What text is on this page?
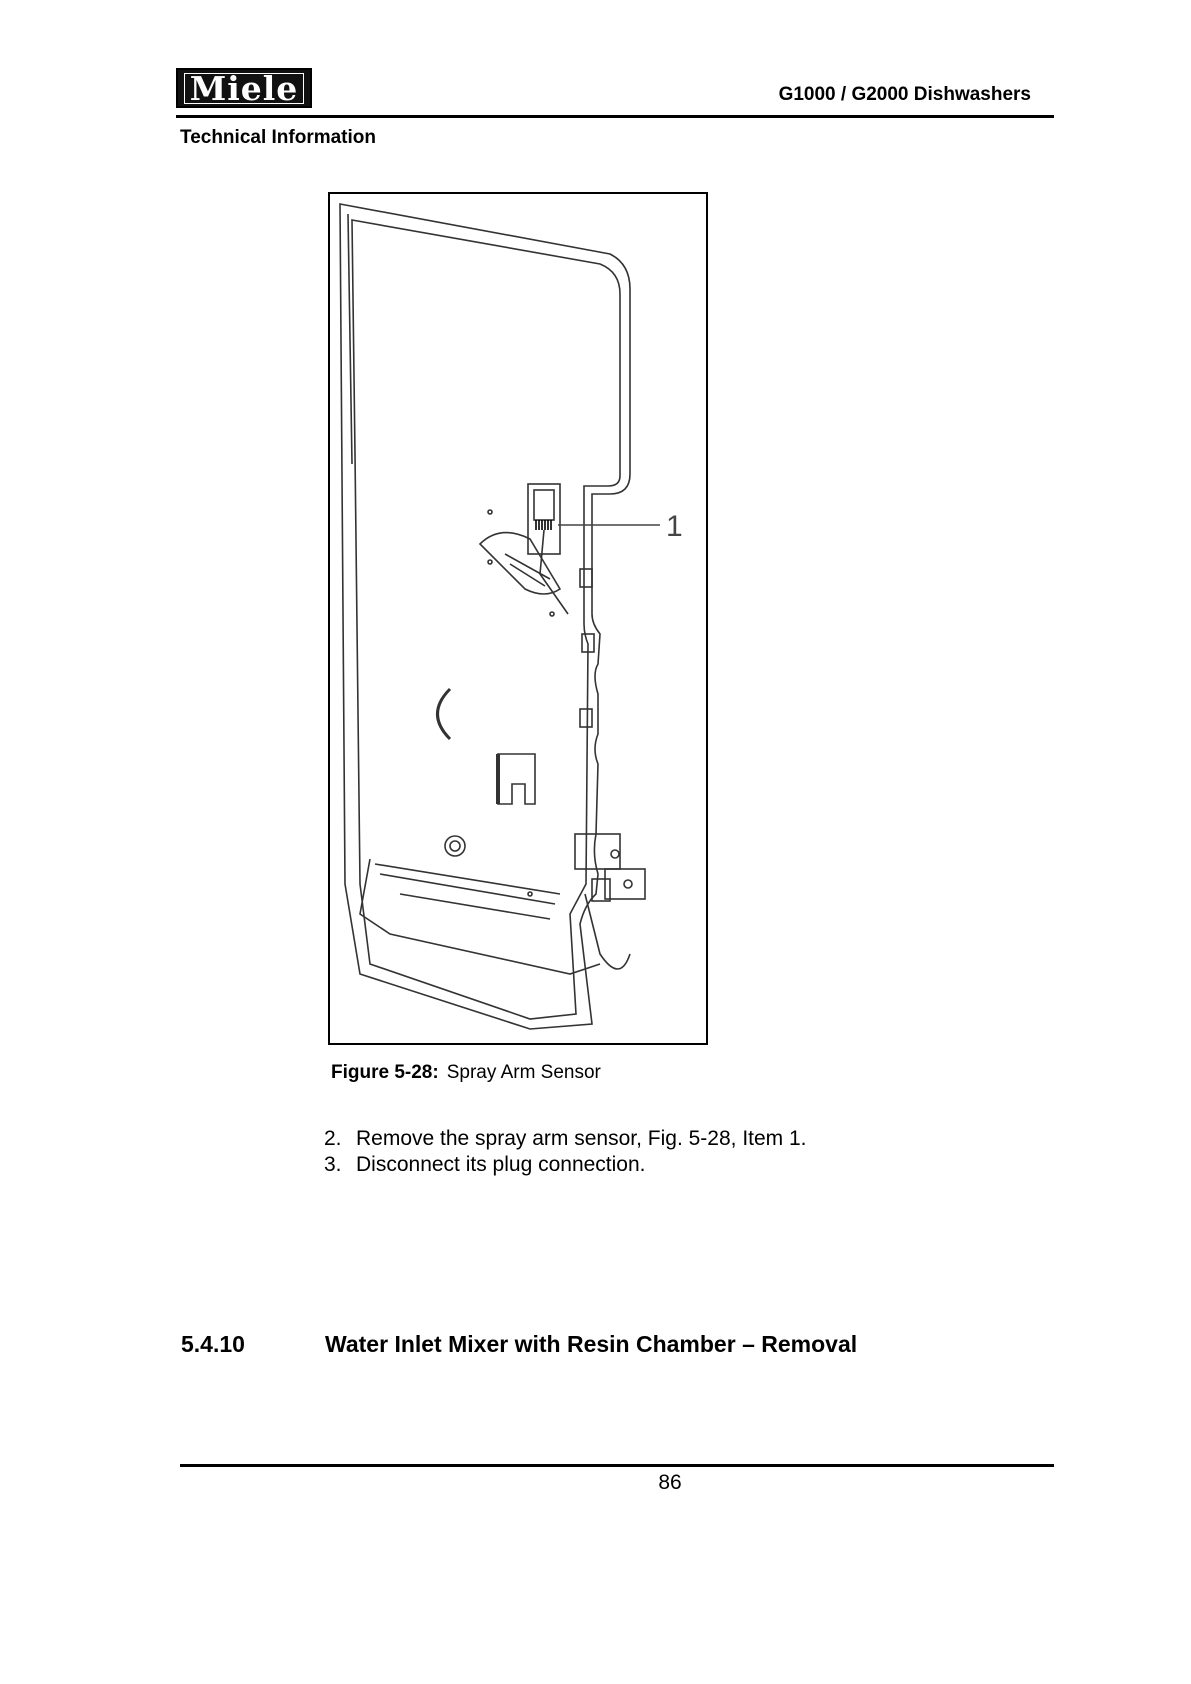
Miele	G1000 / G2000 Dishwashers
Technical Information
1
Figure 5-28: Spray Arm Sensor
2. Remove the spray arm sensor, Fig. 5-28, Item 1.
3. Disconnect its plug connection.
5.4.10	Water Inlet Mixer with Resin Chamber – Removal
86
